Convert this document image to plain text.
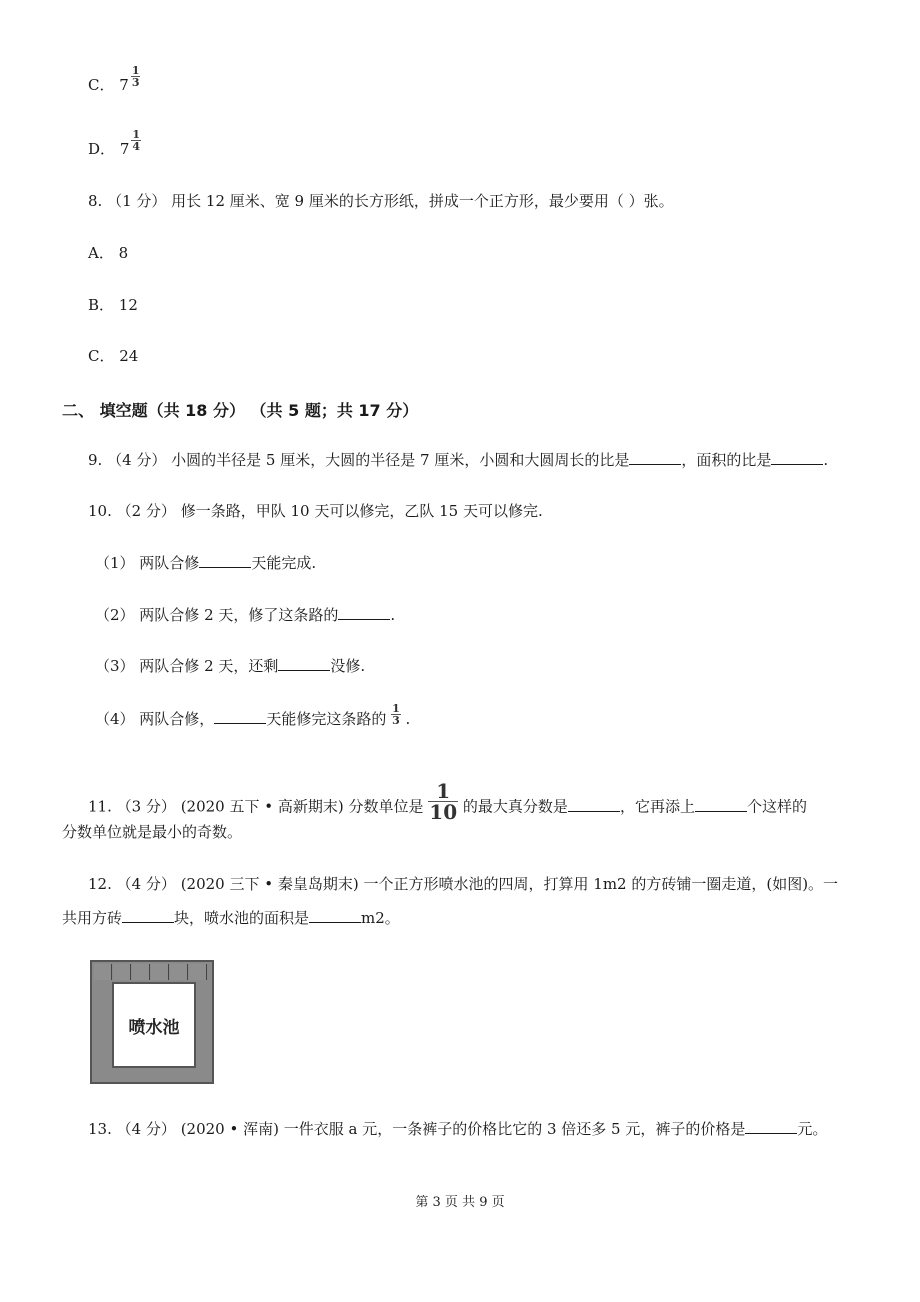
C． $7 \frac{1}{3}$
D． $7 \frac{1}{4}$
8. （1 分） 用长 12 厘米、宽 9 厘米的长方形纸，拼成一个正方形，最少要用（ ）张。
A． 8
B． 12
C． 24
二、 填空题（共 18 分） （共 5 题；共 17 分）
9. （4 分） 小圆的半径是 5 厘米，大圆的半径是 7 厘米，小圆和大圆周长的比是	，面积的比是	.
10. （2 分） 修一条路，甲队 10 天可以修完，乙队 15 天可以修完.
（1） 两队合修	天能完成.
（2） 两队合修 2 天，修了这条路的	.
（3） 两队合修 2 天，还剩	没修.
（4） 两队合修，	天能修完这条路的 $\frac{1}{3}$ .
11. （3 分） (2020 五下 • 高新期末) 分数单位是 $\frac{1}{10}$ 的最大真分数是	，它再添上	个这样的
分数单位就是最小的奇数。
12. （4 分） (2020 三下 • 秦皇岛期末) 一个正方形喷水池的四周，打算用 1m2 的方砖铺一圈走道，(如图)。一
共用方砖	块，喷水池的面积是	m2。
喷水池
13. （4 分） (2020 • 浑南) 一件衣服 a 元，一条裤子的价格比它的 3 倍还多 5 元，裤子的价格是	元。
第 3 页 共 9 页
